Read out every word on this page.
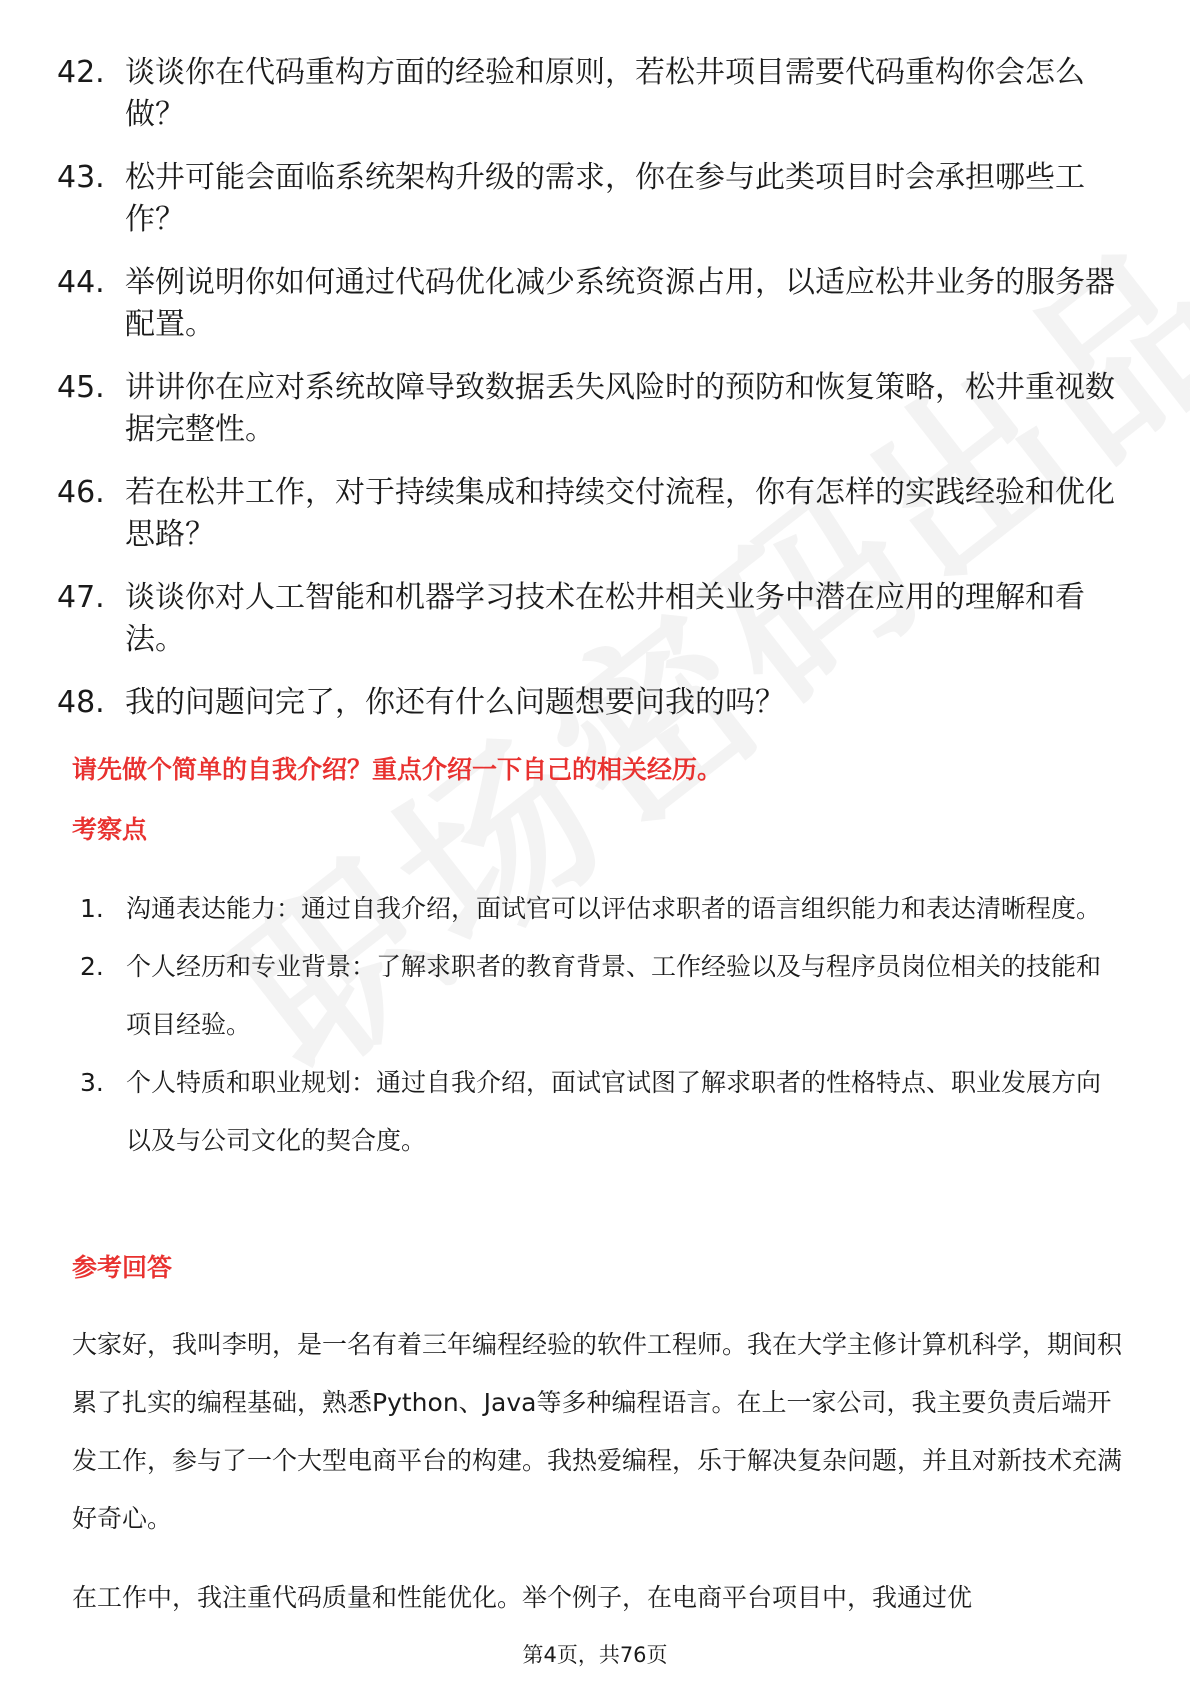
42. 谈谈你在代码重构方面的经验和原则，若松井项目需要代码重构你会怎么做？
43. 松井可能会面临系统架构升级的需求，你在参与此类项目时会承担哪些工作？
44. 举例说明你如何通过代码优化减少系统资源占用，以适应松井业务的服务器配置。
45. 讲讲你在应对系统故障导致数据丢失风险时的预防和恢复策略，松井重视数据完整性。
46. 若在松井工作，对于持续集成和持续交付流程，你有怎样的实践经验和优化思路？
47. 谈谈你对人工智能和机器学习技术在松井相关业务中潜在应用的理解和看法。
48. 我的问题问完了，你还有什么问题想要问我的吗？
请先做个简单的自我介绍？重点介绍一下自己的相关经历。
考察点
1. 沟通表达能力：通过自我介绍，面试官可以评估求职者的语言组织能力和表达清晰程度。
2. 个人经历和专业背景：了解求职者的教育背景、工作经验以及与程序员岗位相关的技能和项目经验。
3. 个人特质和职业规划：通过自我介绍，面试官试图了解求职者的性格特点、职业发展方向以及与公司文化的契合度。
参考回答
大家好，我叫李明，是一名有着三年编程经验的软件工程师。我在大学主修计算机科学，期间积累了扎实的编程基础，熟悉Python、Java等多种编程语言。在上一家公司，我主要负责后端开发工作，参与了一个大型电商平台的构建。我热爱编程，乐于解决复杂问题，并且对新技术充满好奇心。
在工作中，我注重代码质量和性能优化。举个例子，在电商平台项目中，我通过优
第4页，共76页
